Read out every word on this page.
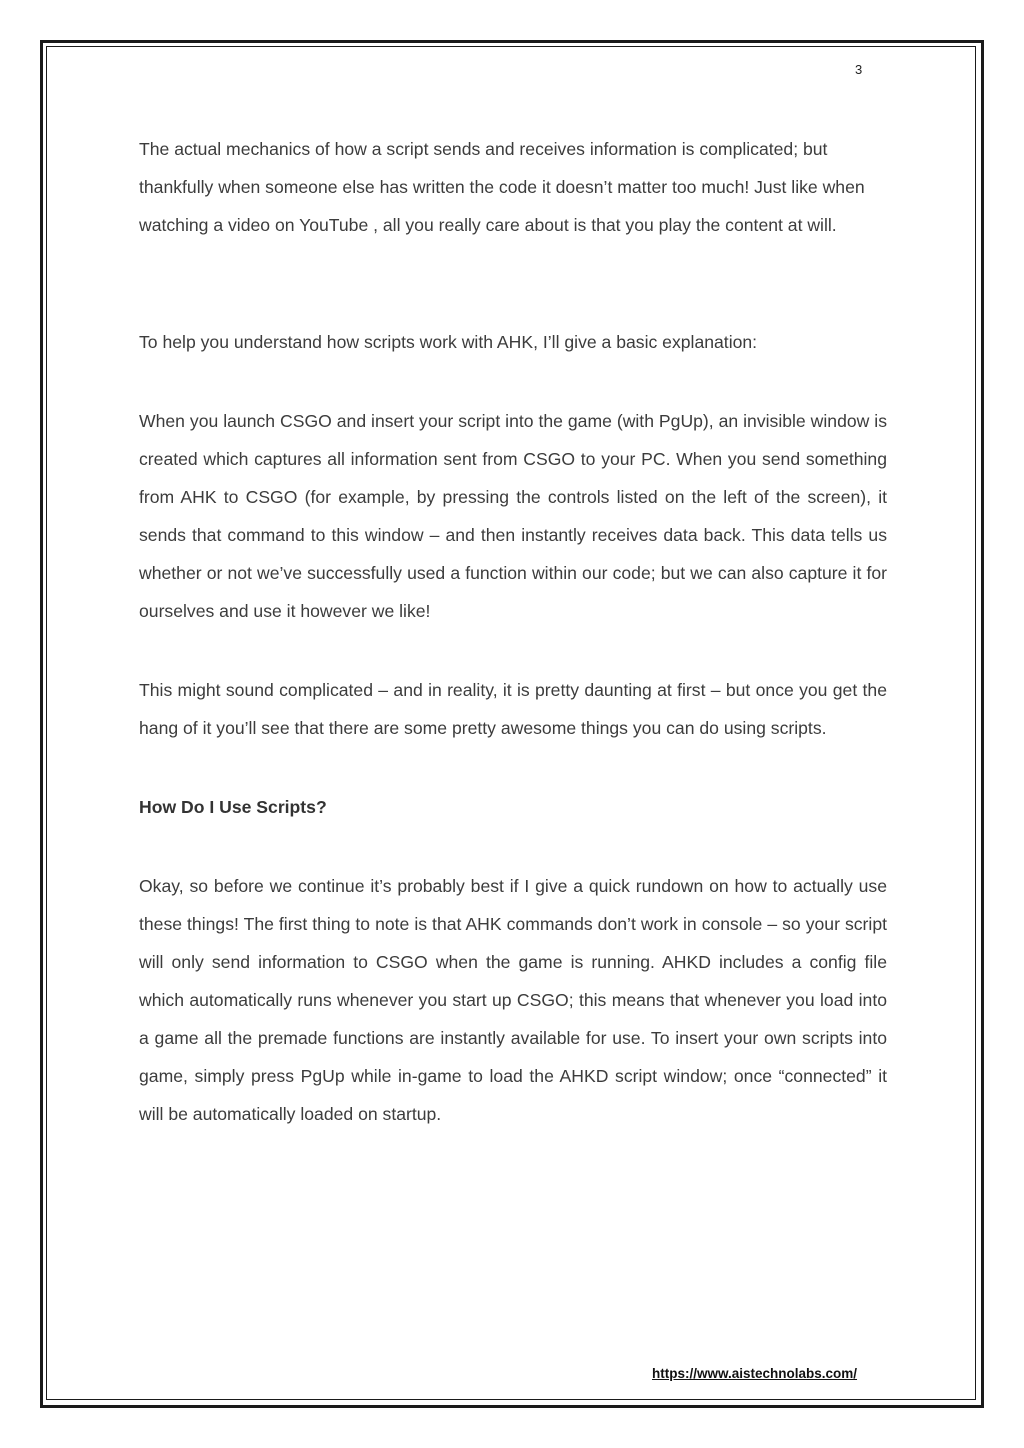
3

The actual mechanics of how a script sends and receives information is complicated; but thankfully when someone else has written the code it doesn’t matter too much! Just like when watching a video on YouTube , all you really care about is that you play the content at will.

To help you understand how scripts work with AHK, I’ll give a basic explanation:

When you launch CSGO and insert your script into the game (with PgUp), an invisible window is created which captures all information sent from CSGO to your PC. When you send something from AHK to CSGO (for example, by pressing the controls listed on the left of the screen), it sends that command to this window – and then instantly receives data back. This data tells us whether or not we’ve successfully used a function within our code; but we can also capture it for ourselves and use it however we like!

This might sound complicated – and in reality, it is pretty daunting at first – but once you get the hang of it you’ll see that there are some pretty awesome things you can do using scripts.

How Do I Use Scripts?

Okay, so before we continue it’s probably best if I give a quick rundown on how to actually use these things! The first thing to note is that AHK commands don’t work in console – so your script will only send information to CSGO when the game is running. AHKD includes a config file which automatically runs whenever you start up CSGO; this means that whenever you load into a game all the premade functions are instantly available for use. To insert your own scripts into game, simply press PgUp while in-game to load the AHKD script window; once “connected” it will be automatically loaded on startup.

https://www.aistechnolabs.com/
